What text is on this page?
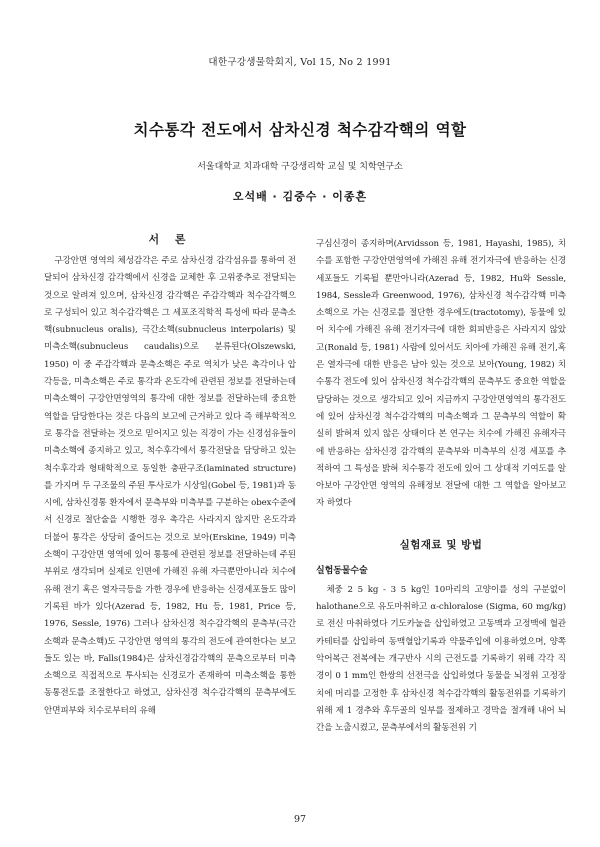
대한구강생물학회지, Vol 15, No 2 1991
치수통각 전도에서 삼차신경 척수감각핵의 역할
서울대학교 치과대학 구강생리학 교실 및 치학연구소
오석배 · 김중수 · 이종흔
서 론

구강안면 영역의 체성감각은 주로 삼차신경 감각섬유를 통하여 전달되어 삼차신경 감각핵에서 신경을 교체한 후 고위중추로 전달되는 것으로 알려져 있으며, 삼차신경 감각핵은 주감각핵과 척수감각핵으로 구성되어 있고 척수감각핵은 그 세포조직학적 특성에 따라 문측소핵(subnucleus oralis), 극간소핵(subnucleus interpolaris) 및 미측소핵(subnucleus caudalis)으로 분류된다(Olszewski, 1950) 이 중 주감각핵과 문측소핵은 주로 역치가 낮은 촉각이나 압각등을, 미측소핵은 주로 통각과 온도각에 관련된 정보를 전달하는데 미측소핵이 구강안면영역의 통각에 대한 정보를 전달하는데 중요한 역할을 담당한다는 것은 다음의 보고에 근거하고 있다 즉 해부학적으로 통각을 전달하는 것으로 믿어지고 있는 직경이 가는 신경섬유들이 미측소핵에 종지하고 있고, 척수후각에서 통각전달을 담당하고 있는 척수후각과 형태학적으로 동일한 충판구조(laminated structure)를 가지며 두 구조물의 주된 투사로가 시상임(Gobel 등, 1981)과 동시에, 삼차신경통 환자에서 문측부와 미측부를 구분하는 obex수준에서 신경로 절단술을 시행한 경우 촉각은 사라지지 않지만 온도각과 더불어 통각은 상당히 줄어드는 것으로 보아(Erskine, 1949) 미측소핵이 구강안면 영역에 있어 통통에 관련된 정보를 전달하는데 주된 부위로 생각되며 실제로 인면에 가해진 유해 자극뿐만아니라 치수에 유해 전기 혹은 열자극등을 가한 경우에 반응하는 신경세포들도 많이 기록된 바가 있다(Azerad 등, 1982, Hu 등, 1981, Price 등, 1976, Sessle, 1976) 그러나 삼차신경 척수감각핵의 문측부(극간소핵과 문측소핵)도 구강안면 영역의 통각의 전도에 관여한다는 보고들도 있는 바, Falls(1984)은 삼차신경감각핵의 문측으로부터 미측소핵으로 직접적으로 투사되는 신경로가 존재하여 미측소핵을 통한 동통전도를 조절한다고 하였고, 삼차신경 척수감각핵의 문측부에도 안면피부와 치수로부터의 유해

구심신경이 종지하며(Arvidsson 등, 1981, Hayashi, 1985), 치수를 포함한 구강안면영역에 가해진 유해 전기자극에 반응하는 신경세포들도 기록될 뿐만아니라(Azerad 등, 1982, Hu와 Sessle, 1984, Sessle과 Greenwood, 1976), 삼차신경 척수감각핵 미측소핵으로 가는 신경로를 절단한 경우에도(tractotomy), 동물에 있어 치수에 가해진 유해 전기자극에 대한 회피반응은 사라지지 않았고(Ronald 등, 1981) 사람에 있어서도 치아에 가해진 유해 전기,혹은 열자극에 대한 반응은 남아 있는 것으로 보아(Young, 1982) 치수통각 전도에 있어 삼차신경 척수감각핵의 문측부도 중요한 역할을 담당하는 것으로 생각되고 있어 지금까지 구강안면영역의 통각전도에 있어 삼차신경 척수감각핵의 미측소핵과 그 문측부의 역할이 확실히 밝혀져 있지 않은 상태이다 본 연구는 치수에 가해진 유해자극에 반응하는 삼차신경 감각핵의 문측부와 미측부의 신경 세포를 추적하여 그 특성을 밝혀 치수통각 전도에 있어 그 상대적 기여도를 알아보아 구강안면 영역의 유해정보 전달에 대한 그 역할을 알아보고자 하였다

실험재료 및 방법
실험동물수술

체중 2 5 kg - 3 5 kg인 10마리의 고양이를 성의 구분없이 halothane으로 유도마취하고 α-chloralose (Sigma, 60 mg/kg)로 전신 마취하였다 기도카눌을 삽입하였고 고동맥과 고정맥에 혈관카테터를 삽입하여 동맥혈압기록과 약물주입에 이용하였으며, 양쪽 악어복근 전복에는 개구반사 시의 근전도를 기록하기 위해 각각 직경이 0 1 mm인 한쌍의 선전극을 삽입하였다 동물을 뇌정위 고정장치에 머리를 고정한 후 삼차신경 척수감각핵의 활동전위를 기록하기 위해 제 1 경추와 후두골의 일부를 절제하고 경막을 절개해 내어 뇌간을 노출시켰고, 문측부에서의 활동전위 기

97
